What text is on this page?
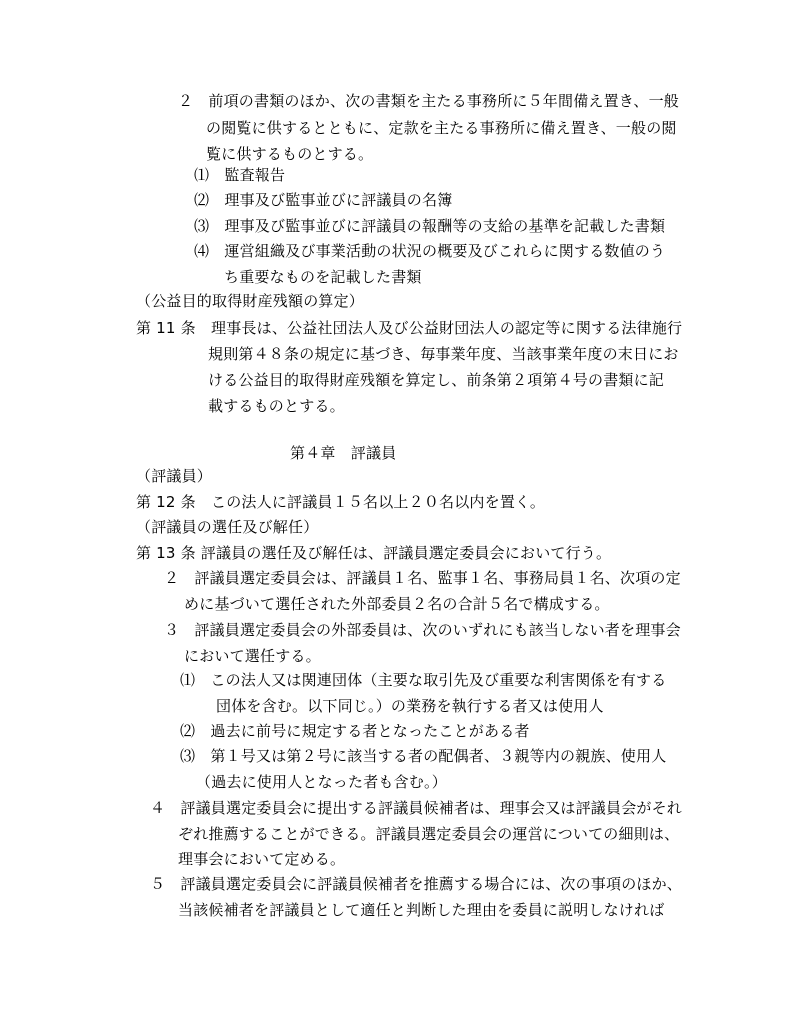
２　前項の書類のほか、次の書類を主たる事務所に５年間備え置き、一般
の閲覧に供するとともに、定款を主たる事務所に備え置き、一般の閲
覧に供するものとする。
⑴　監査報告
⑵　理事及び監事並びに評議員の名簿
⑶　理事及び監事並びに評議員の報酬等の支給の基準を記載した書類
⑷　運営組織及び事業活動の状況の概要及びこれらに関する数値のう
ち重要なものを記載した書類
（公益目的取得財産残額の算定）
第 11 条　理事長は、公益社団法人及び公益財団法人の認定等に関する法律施行
規則第４８条の規定に基づき、毎事業年度、当該事業年度の末日にお
ける公益目的取得財産残額を算定し、前条第２項第４号の書類に記
載するものとする。
第４章　評議員
（評議員）
第 12 条　この法人に評議員１５名以上２０名以内を置く。
（評議員の選任及び解任）
第 13 条 評議員の選任及び解任は、評議員選定委員会において行う。
２　評議員選定委員会は、評議員１名、監事１名、事務局員１名、次項の定
めに基づいて選任された外部委員２名の合計５名で構成する。
３　評議員選定委員会の外部委員は、次のいずれにも該当しない者を理事会
において選任する。
⑴　この法人又は関連団体（主要な取引先及び重要な利害関係を有する
団体を含む。以下同じ。）の業務を執行する者又は使用人
⑵　過去に前号に規定する者となったことがある者
⑶　第１号又は第２号に該当する者の配偶者、３親等内の親族、使用人
（過去に使用人となった者も含む。）
４　評議員選定委員会に提出する評議員候補者は、理事会又は評議員会がそれ
ぞれ推薦することができる。評議員選定委員会の運営についての細則は、
理事会において定める。
５　評議員選定委員会に評議員候補者を推薦する場合には、次の事項のほか、
当該候補者を評議員として適任と判断した理由を委員に説明しなければ
